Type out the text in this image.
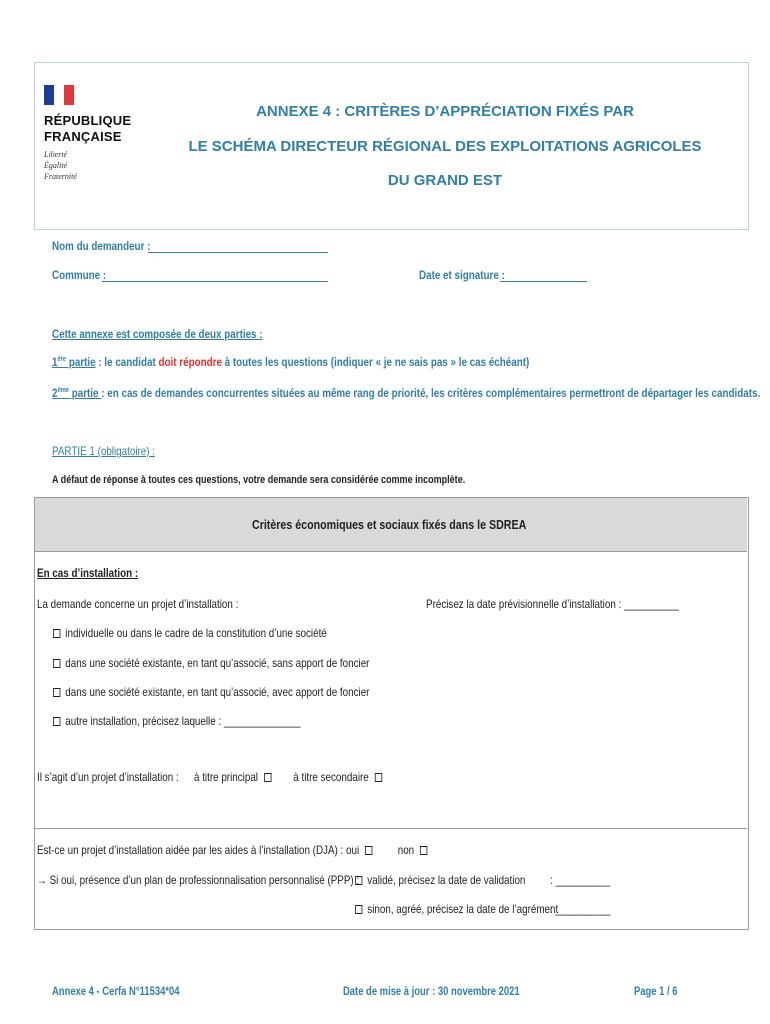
RÉPUBLIQUE
FRANÇAISE
Liberté
Égalité
Fraternité
ANNEXE 4 : CRITÈRES D’APPRÉCIATION FIXÉS PAR
LE SCHÉMA DIRECTEUR RÉGIONAL DES EXPLOITATIONS AGRICOLES
DU GRAND EST
Nom du demandeur :
Commune :	Date et signature :
Cette annexe est composée de deux parties :
1ère partie : le candidat doit répondre à toutes les questions (indiquer « je ne sais pas » le cas échéant)
2ème partie : en cas de demandes concurrentes situées au même rang de priorité, les critères complémentaires permettront de départager les candidats.
PARTIE 1 (obligatoire) :
A défaut de réponse à toutes ces questions, votre demande sera considérée comme incomplète.
Critères économiques et sociaux fixés dans le SDREA
En cas d’installation :
La demande concerne un projet d’installation :	Précisez la date prévisionnelle d’installation : __________
individuelle ou dans le cadre de la constitution d’une société
dans une société existante, en tant qu’associé, sans apport de foncier
dans une société existante, en tant qu’associé, avec apport de foncier
autre installation, précisez laquelle : ______________
Il s’agit d’un projet d’installation : à titre principal	à titre secondaire
Est-ce un projet d’installation aidée par les aides à l’installation (DJA) : oui	non
→ Si oui, présence d’un plan de professionnalisation personnalisé (PPP) : validé, précisez la date de validation : __________
sinon, agréé, précisez la date de l’agrément
: __________
Annexe 4 - Cerfa N°11534*04	Date de mise à jour : 30 novembre 2021	Page 1 / 6
